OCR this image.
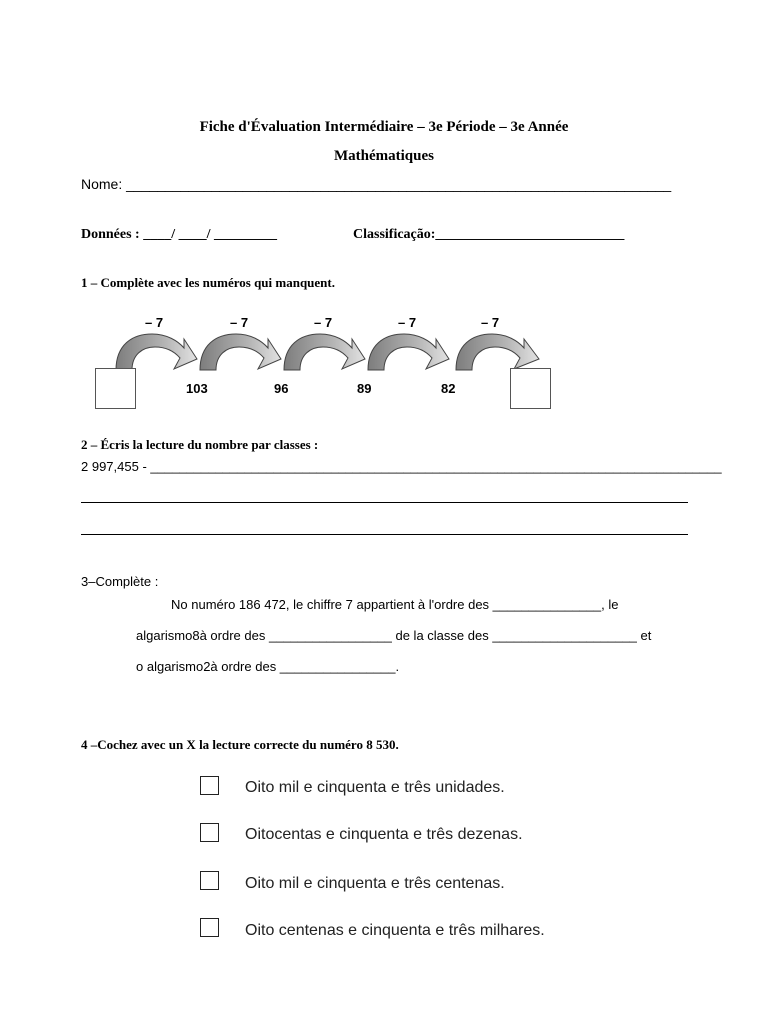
Fiche d'Évaluation Intermédiaire – 3e Période – 3e Année
Mathématiques
Nome: ______________________________________________________________________
Données : ____/ ____/ _________	Classificação:___________________________
1 – Complète avec les numéros qui manquent.
– 7	– 7	– 7	– 7	– 7
103	96	89	82
2 – Écris la lecture du nombre par classes :
2 997,455 - _______________________________________________________________________________
3–Complète :
No numéro 186 472, le chiffre 7 appartient à l'ordre des _______________, le
algarismo8à ordre des _________________ de la classe des ____________________ et
o algarismo2à ordre des ________________.
4 –Cochez avec un X la lecture correcte du numéro 8 530.
Oito mil e cinquenta e três unidades.
Oitocentas e cinquenta e três dezenas.
Oito mil e cinquenta e três centenas.
Oito centenas e cinquenta e três milhares.
